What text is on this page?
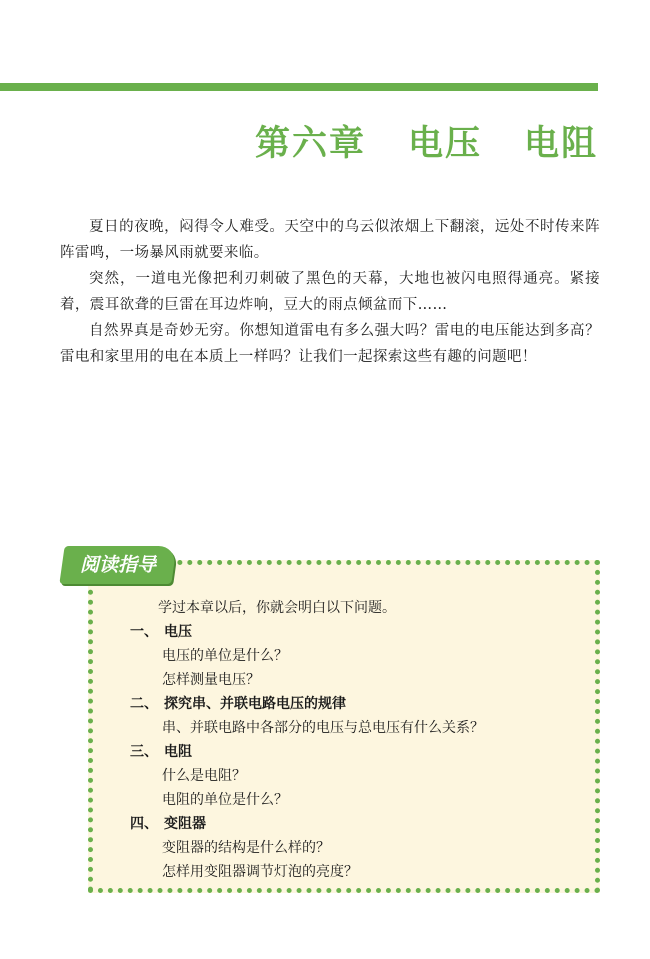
第六章 电压 电阻

夏日的夜晚，闷得令人难受。天空中的乌云似浓烟上下翻滚，远处不时传来阵阵雷鸣，一场暴风雨就要来临。

突然，一道电光像把利刃刺破了黑色的天幕，大地也被闪电照得通亮。紧接着，震耳欲聋的巨雷在耳边炸响，豆大的雨点倾盆而下……

自然界真是奇妙无穷。你想知道雷电有多么强大吗？雷电的电压能达到多高？雷电和家里用的电在本质上一样吗？让我们一起探索这些有趣的问题吧！

阅读指导
学过本章以后，你就会明白以下问题。
一、 电压
电压的单位是什么？
怎样测量电压？
二、 探究串、并联电路电压的规律
串、并联电路中各部分的电压与总电压有什么关系？
三、 电阻
什么是电阻？
电阻的单位是什么？
四、 变阻器
变阻器的结构是什么样的？
怎样用变阻器调节灯泡的亮度？
